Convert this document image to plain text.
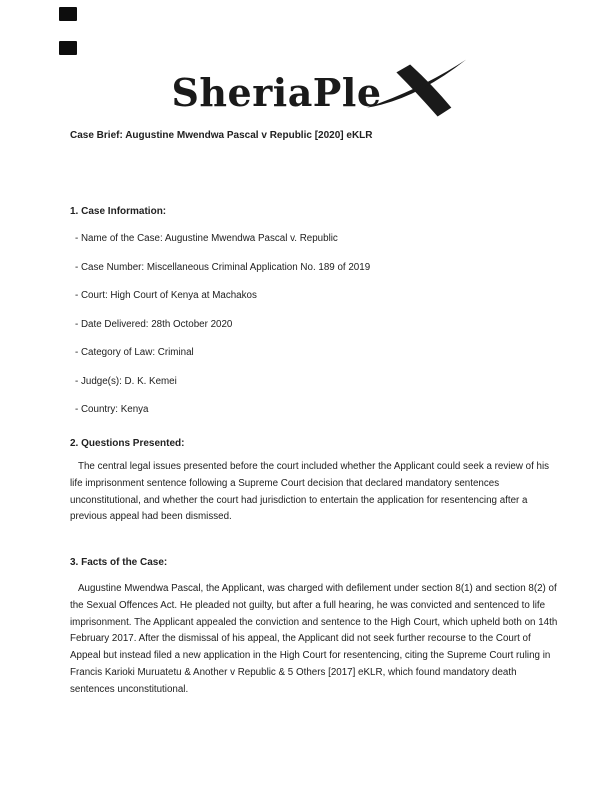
SheriaPle

Case Brief: Augustine Mwendwa Pascal v Republic [2020] eKLR

1. Case Information:

- Name of the Case: Augustine Mwendwa Pascal v. Republic

- Case Number: Miscellaneous Criminal Application No. 189 of 2019

- Court: High Court of Kenya at Machakos

- Date Delivered: 28th October 2020

- Category of Law: Criminal

- Judge(s): D. K. Kemei

- Country: Kenya

2. Questions Presented:

The central legal issues presented before the court included whether the Applicant could seek a review of his life imprisonment sentence following a Supreme Court decision that declared mandatory sentences unconstitutional, and whether the court had jurisdiction to entertain the application for resentencing after a previous appeal had been dismissed.

3. Facts of the Case:

Augustine Mwendwa Pascal, the Applicant, was charged with defilement under section 8(1) and section 8(2) of the Sexual Offences Act. He pleaded not guilty, but after a full hearing, he was convicted and sentenced to life imprisonment. The Applicant appealed the conviction and sentence to the High Court, which upheld both on 14th February 2017. After the dismissal of his appeal, the Applicant did not seek further recourse to the Court of Appeal but instead filed a new application in the High Court for resentencing, citing the Supreme Court ruling in Francis Karioki Muruatetu & Another v Republic & 5 Others [2017] eKLR, which found mandatory death sentences unconstitutional.
